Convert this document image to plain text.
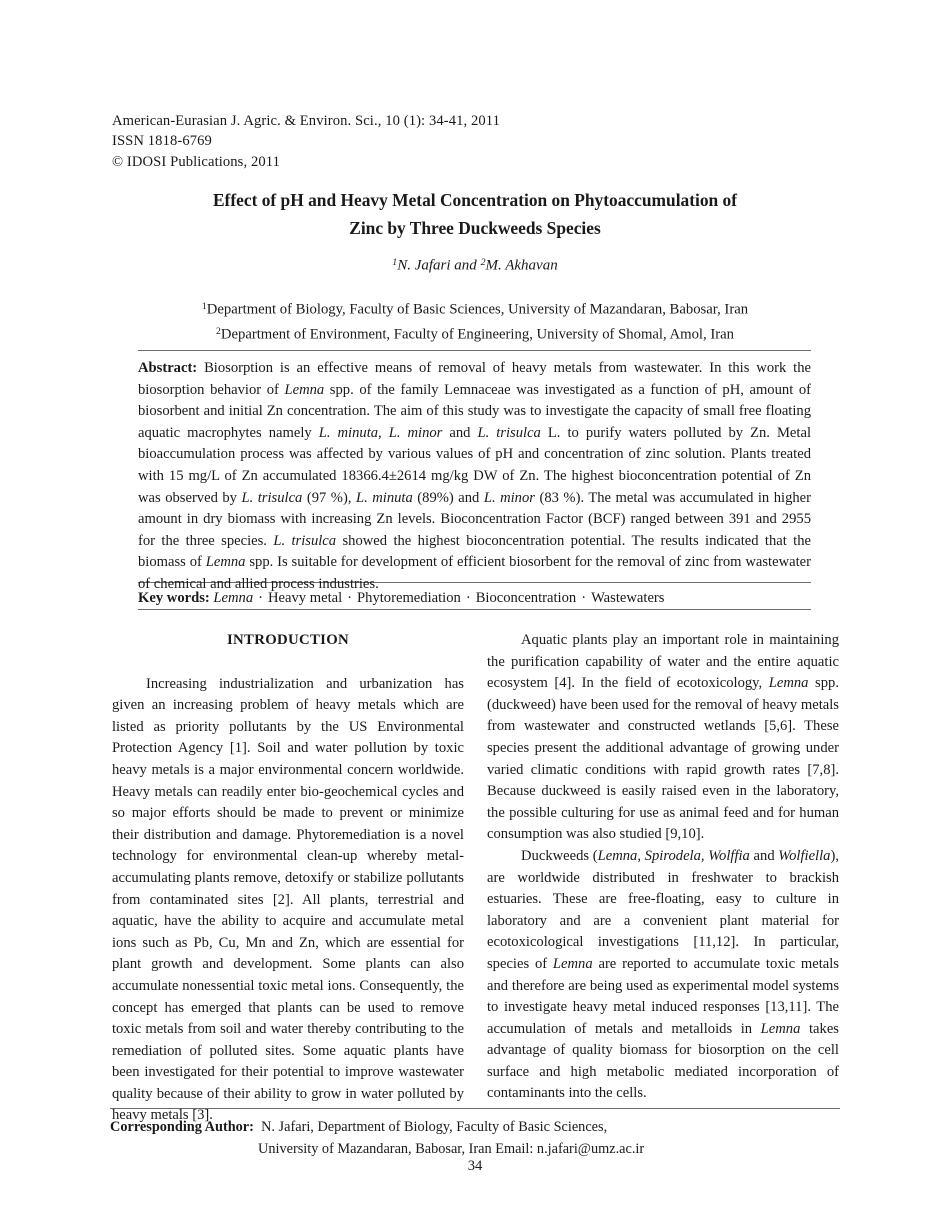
American-Eurasian J. Agric. & Environ. Sci., 10 (1): 34-41, 2011
ISSN 1818-6769
© IDOSI Publications, 2011
Effect of pH and Heavy Metal Concentration on Phytoaccumulation of
Zinc by Three Duckweeds Species
$^1$N. Jafari and $^2$M. Akhavan
$^1$Department of Biology, Faculty of Basic Sciences, University of Mazandaran, Babosar, Iran
$^2$Department of Environment, Faculty of Engineering, University of Shomal, Amol, Iran
Abstract: Biosorption is an effective means of removal of heavy metals from wastewater. In this work the biosorption behavior of Lemna spp. of the family Lemnaceae was investigated as a function of pH, amount of biosorbent and initial Zn concentration. The aim of this study was to investigate the capacity of small free floating aquatic macrophytes namely L. minuta, L. minor and L. trisulca L. to purify waters polluted by Zn. Metal bioaccumulation process was affected by various values of pH and concentration of zinc solution. Plants treated with 15 mg/L of Zn accumulated 18366.4±2614 mg/kg DW of Zn. The highest bioconcentration potential of Zn was observed by L. trisulca (97 %), L. minuta (89%) and L. minor (83 %). The metal was accumulated in higher amount in dry biomass with increasing Zn levels. Bioconcentration Factor (BCF) ranged between 391 and 2955 for the three species. L. trisulca showed the highest bioconcentration potential. The results indicated that the biomass of Lemna spp. Is suitable for development of efficient biosorbent for the removal of zinc from wastewater of chemical and allied process industries.
Key words: Lemna · Heavy metal · Phytoremediation · Bioconcentration · Wastewaters
INTRODUCTION

Increasing industrialization and urbanization has given an increasing problem of heavy metals which are listed as priority pollutants by the US Environmental Protection Agency [1]. Soil and water pollution by toxic heavy metals is a major environmental concern worldwide. Heavy metals can readily enter bio-geochemical cycles and so major efforts should be made to prevent or minimize their distribution and damage. Phytoremediation is a novel technology for environmental clean-up whereby metal-accumulating plants remove, detoxify or stabilize pollutants from contaminated sites [2]. All plants, terrestrial and aquatic, have the ability to acquire and accumulate metal ions such as Pb, Cu, Mn and Zn, which are essential for plant growth and development. Some plants can also accumulate nonessential toxic metal ions. Consequently, the concept has emerged that plants can be used to remove toxic metals from soil and water thereby contributing to the remediation of polluted sites. Some aquatic plants have been investigated for their potential to improve wastewater quality because of their ability to grow in water polluted by heavy metals [3].

Aquatic plants play an important role in maintaining the purification capability of water and the entire aquatic ecosystem [4]. In the field of ecotoxicology, Lemna spp. (duckweed) have been used for the removal of heavy metals from wastewater and constructed wetlands [5,6]. These species present the additional advantage of growing under varied climatic conditions with rapid growth rates [7,8]. Because duckweed is easily raised even in the laboratory, the possible culturing for use as animal feed and for human consumption was also studied [9,10].

Duckweeds (Lemna, Spirodela, Wolffia and Wolfiella), are worldwide distributed in freshwater to brackish estuaries. These are free-floating, easy to culture in laboratory and are a convenient plant material for ecotoxicological investigations [11,12]. In particular, species of Lemna are reported to accumulate toxic metals and therefore are being used as experimental model systems to investigate heavy metal induced responses [13,11]. The accumulation of metals and metalloids in Lemna takes advantage of quality biomass for biosorption on the cell surface and high metabolic mediated incorporation of contaminants into the cells.

Corresponding Author: N. Jafari, Department of Biology, Faculty of Basic Sciences,
University of Mazandaran, Babosar, Iran Email: n.jafari@umz.ac.ir
34
